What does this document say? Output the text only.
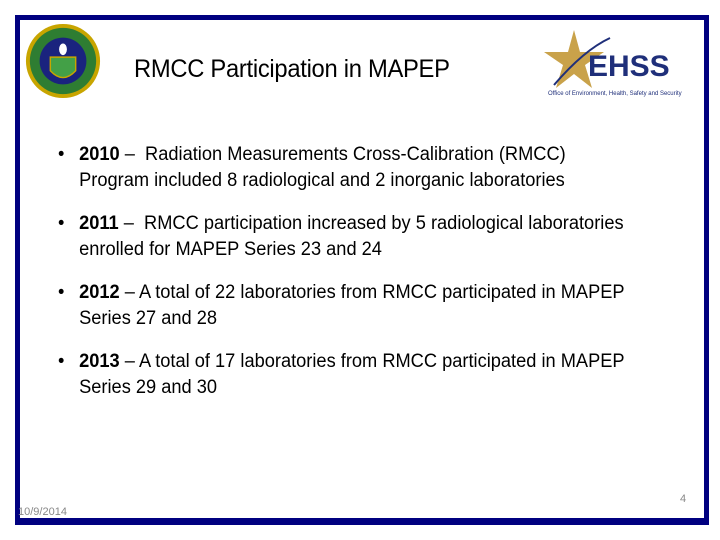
RMCC Participation in MAPEP	EHSS
Office of Environment, Health, Safety and Security
• 2010 –  Radiation Measurements Cross-Calibration (RMCC) Program included 8 radiological and 2 inorganic laboratories
• 2011 –  RMCC participation increased by 5 radiological laboratories enrolled for MAPEP Series 23 and 24
• 2012 – A total of 22 laboratories from RMCC participated in MAPEP Series 27 and 28
• 2013 – A total of 17 laboratories from RMCC participated in MAPEP Series 29 and 30
10/9/2014
4
